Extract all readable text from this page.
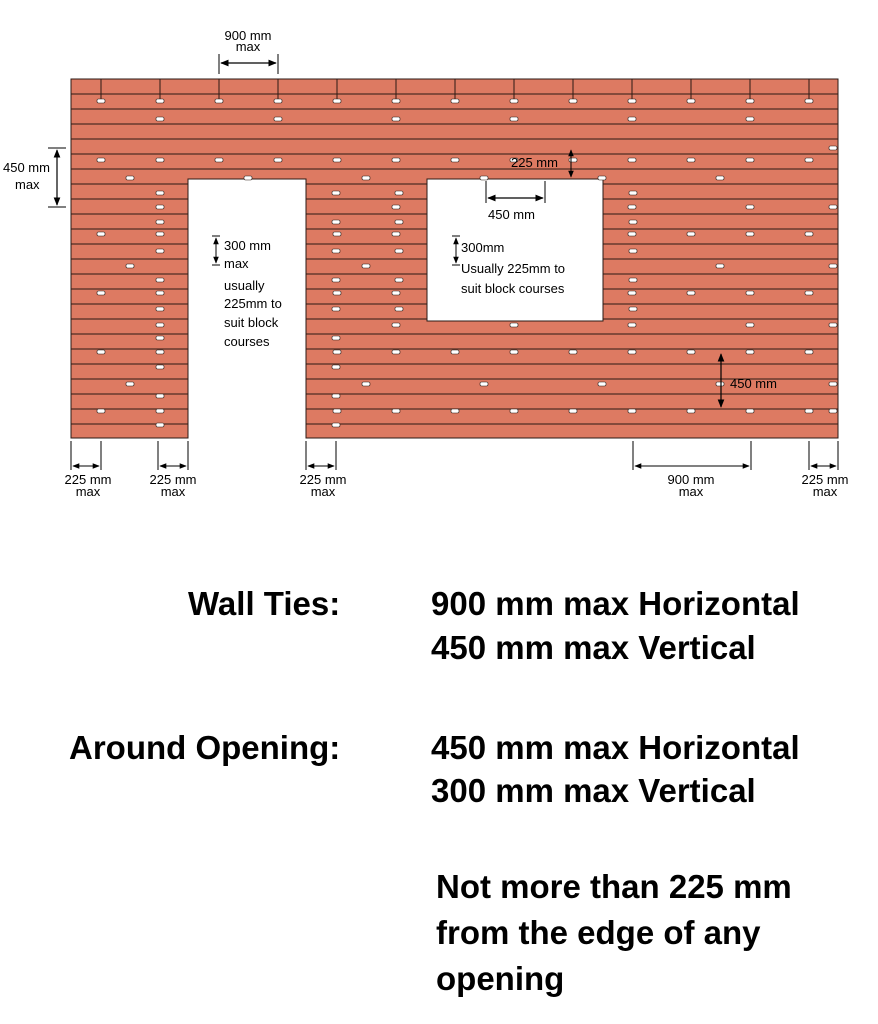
900 mm
max
450 mm
max
225 mm
450 mm
300 mm
max
usually
225mm to
suit block
courses
300mm
Usually 225mm to
suit block courses
450 mm
225 mm
max
225 mm
max
225 mm
max
900 mm
max
225 mm
max

Wall Ties:	900 mm max Horizontal

450 mm max Vertical

Around Opening:	450 mm max Horizontal

300 mm max Vertical

Not more than 225 mm

from the edge of any

opening
